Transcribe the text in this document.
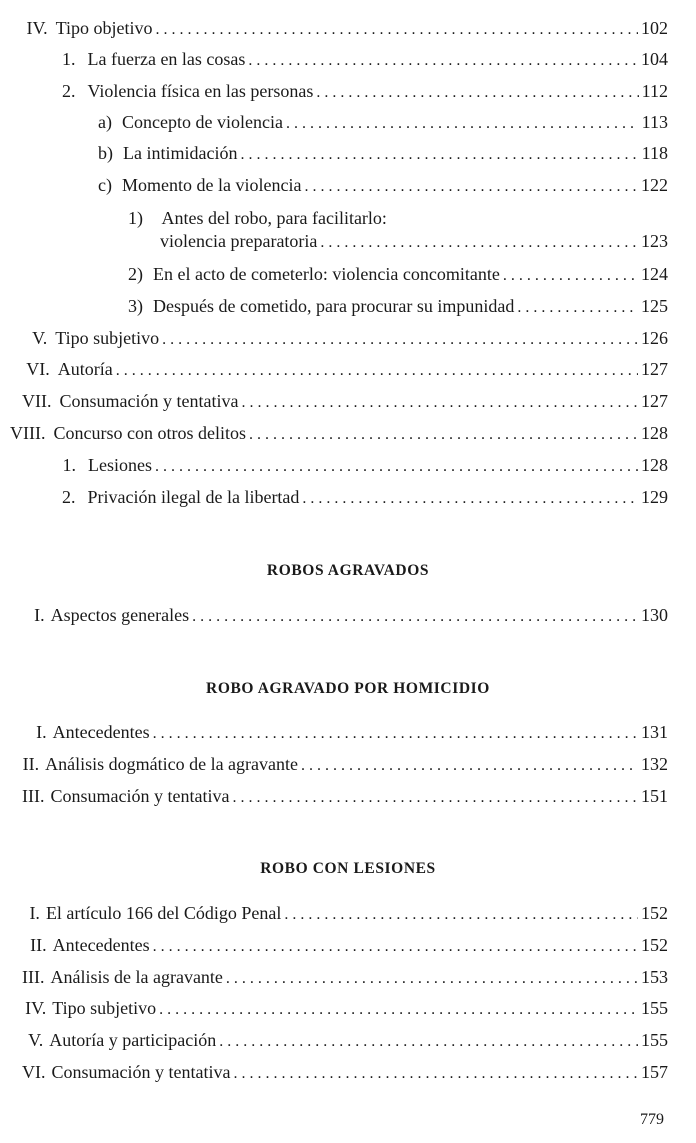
IV. Tipo objetivo . . .	102
1. La fuerza en las cosas . . .	104
2. Violencia física en las personas . . .	112
a) Concepto de violencia . . .	113
b) La intimidación . . .	118
c) Momento de la violencia . . .	122
1) Antes del robo, para facilitarlo:
violencia preparatoria . . .	123
2) En el acto de cometerlo: violencia concomitante . . .	124
3) Después de cometido, para procurar su impunidad . . .	125
V. Tipo subjetivo . . .	126
VI. Autoría . . .	127
VII. Consumación y tentativa . . .	127
VIII. Concurso con otros delitos . . .	128
1. Lesiones . . .	128
2. Privación ilegal de la libertad . . .	129
ROBOS AGRAVADOS
I. Aspectos generales . . .	130
ROBO AGRAVADO POR HOMICIDIO
I. Antecedentes . . .	131
II. Análisis dogmático de la agravante . . .	132
III. Consumación y tentativa . . .	151
ROBO CON LESIONES
I. El artículo 166 del Código Penal . . .	152
II. Antecedentes . . .	152
III. Análisis de la agravante . . .	153
IV. Tipo subjetivo . . .	155
V. Autoría y participación . . .	155
VI. Consumación y tentativa . . .	157
779
